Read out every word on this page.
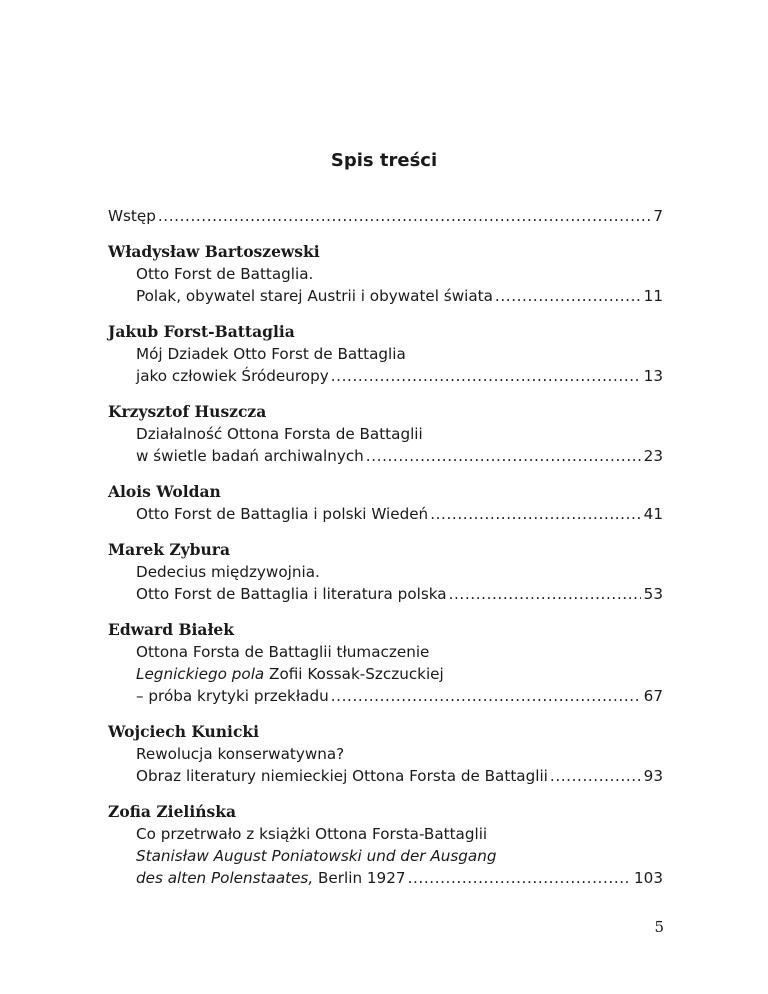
Spis treści
Wstęp .....	7
Władysław Bartoszewski
Otto Forst de Battaglia.
Polak, obywatel starej Austrii i obywatel świata .....	11
Jakub Forst-Battaglia
Mój Dziadek Otto Forst de Battaglia
jako człowiek Śródeuropy .....	13
Krzysztof Huszcza
Działalność Ottona Forsta de Battaglii
w świetle badań archiwalnych .....	23
Alois Woldan
Otto Forst de Battaglia i polski Wiedeń .....	41
Marek Zybura
Dedecius międzywojnia.
Otto Forst de Battaglia i literatura polska .....	53
Edward Białek
Ottona Forsta de Battaglii tłumaczenie
Legnickiego pola Zofii Kossak-Szczuckiej
– próba krytyki przekładu .....	67
Wojciech Kunicki
Rewolucja konserwatywna?
Obraz literatury niemieckiej Ottona Forsta de Battaglii .....	93
Zofia Zielińska
Co przetrwało z książki Ottona Forsta-Battaglii
Stanisław August Poniatowski und der Ausgang
des alten Polenstaates, Berlin 1927 .....	103
5
